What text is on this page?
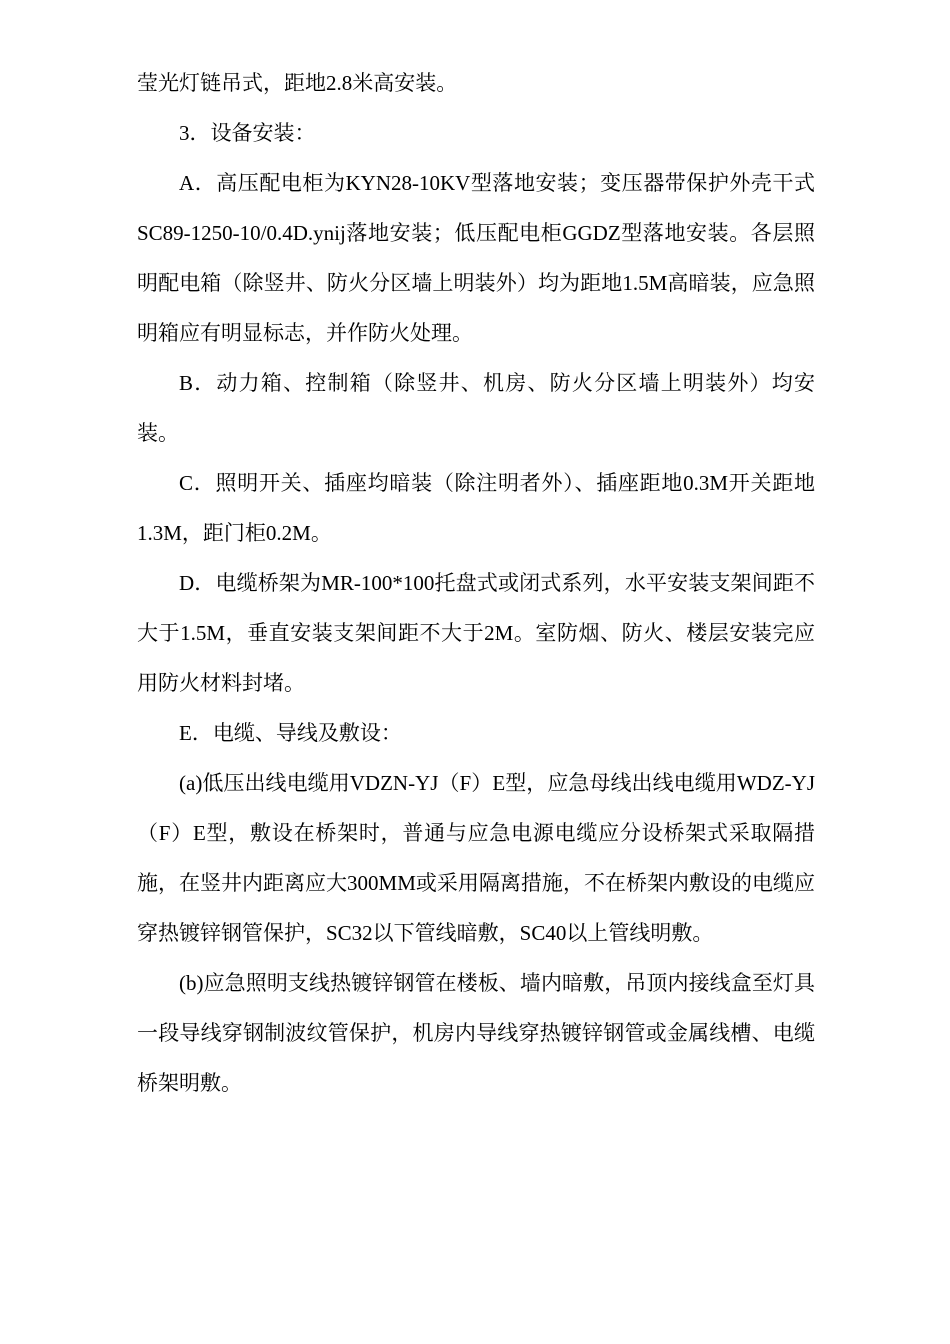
莹光灯链吊式，距地2.8米高安装。

3．设备安装：

A．高压配电柜为KYN28-10KV型落地安装；变压器带保护外壳干式SC89-1250-10/0.4D.ynij落地安装；低压配电柜GGDZ型落地安装。各层照明配电箱（除竖井、防火分区墙上明装外）均为距地1.5M高暗装，应急照明箱应有明显标志，并作防火处理。

B．动力箱、控制箱（除竖井、机房、防火分区墙上明装外）均安装。

C．照明开关、插座均暗装（除注明者外）、插座距地0.3M开关距地1.3M，距门柜0.2M。

D．电缆桥架为MR-100*100托盘式或闭式系列，水平安装支架间距不大于1.5M，垂直安装支架间距不大于2M。室防烟、防火、楼层安装完应用防火材料封堵。

E．电缆、导线及敷设：

(a)低压出线电缆用VDZN-YJ（F）E型，应急母线出线电缆用WDZ-YJ（F）E型，敷设在桥架时，普通与应急电源电缆应分设桥架式采取隔措施，在竖井内距离应大300MM或采用隔离措施，不在桥架内敷设的电缆应穿热镀锌钢管保护，SC32以下管线暗敷，SC40以上管线明敷。

(b)应急照明支线热镀锌钢管在楼板、墙内暗敷，吊顶内接线盒至灯具一段导线穿钢制波纹管保护，机房内导线穿热镀锌钢管或金属线槽、电缆桥架明敷。
